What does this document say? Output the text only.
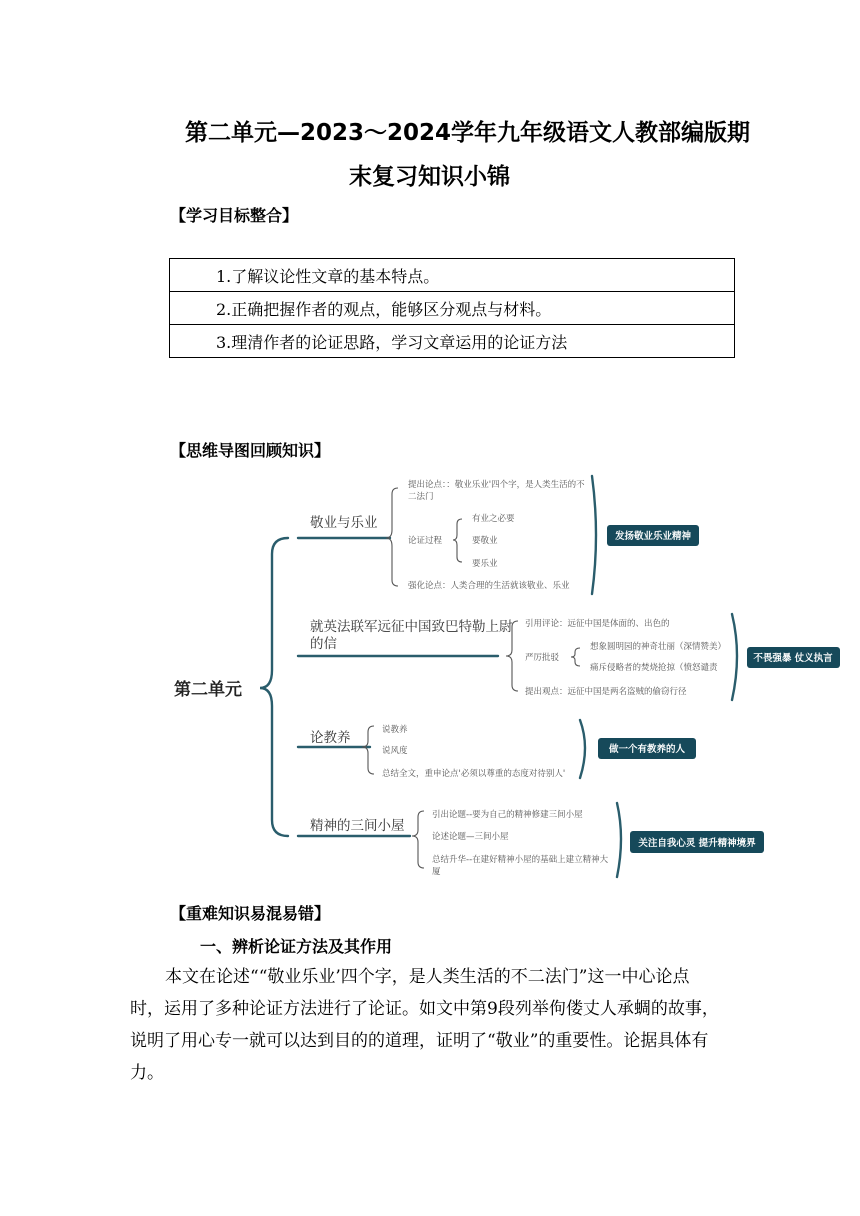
第二单元—2023～2024学年九年级语文人教部编版期
末复习知识小锦
【学习目标整合】
1.了解议论性文章的基本特点。
2.正确把握作者的观点，能够区分观点与材料。
3.理清作者的论证思路，学习文章运用的论证方法
【思维导图回顾知识】
第二单元
敬业与乐业
提出论点：：敬业乐业'四个字，是人类生活的不
二法门
论证过程
有业之必要
要敬业
要乐业
强化论点：人类合理的生活就该敬业、乐业
发扬敬业乐业精神
就英法联军远征中国致巴特勒上尉
的信
引用评论：远征中国是体面的、出色的
严厉批驳
想象圆明园的神奇壮丽（深情赞美）
痛斥侵略者的焚烧抢掠（愤怒谴责
提出观点：远征中国是两名盗贼的偷窃行径
不畏强暴 仗义执言
论教养	说教养
说风度
总结全文，重申论点'必须以尊重的态度对待别人'
做一个有教养的人
精神的三间小屋
引出论题--要为自己的精神修建三间小屋
论述论题—三间小屋
总结升华--在建好精神小屋的基础上建立精神大
厦
关注自我心灵 提升精神境界
【重难知识易混易错】
一、辨析论证方法及其作用
本文在论述““敬业乐业’四个字，是人类生活的不二法门”这一中心论点
时，运用了多种论证方法进行了论证。如文中第9段列举佝偻丈人承蜩的故事，
说明了用心专一就可以达到目的的道理，证明了“敬业”的重要性。论据具体有
力。
